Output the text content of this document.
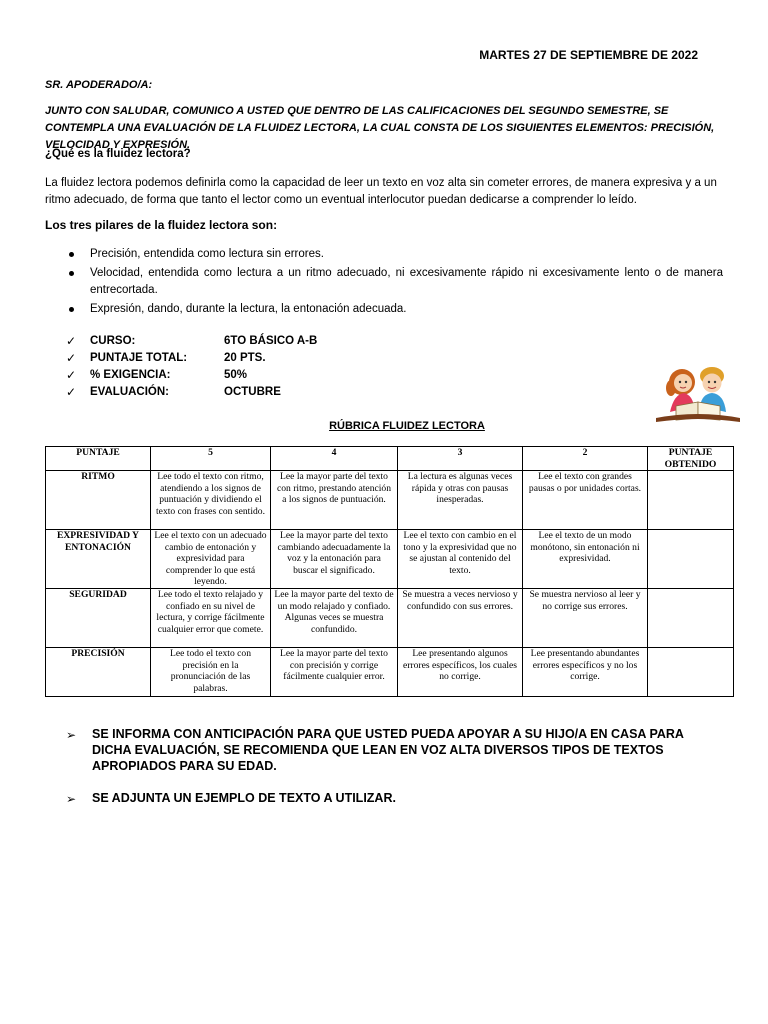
MARTES 27 DE SEPTIEMBRE DE 2022
SR. APODERADO/A:
JUNTO CON SALUDAR, COMUNICO A USTED QUE DENTRO DE LAS CALIFICACIONES DEL SEGUNDO SEMESTRE, SE CONTEMPLA UNA EVALUACIÓN DE LA FLUIDEZ LECTORA, LA CUAL CONSTA DE LOS SIGUIENTES ELEMENTOS: PRECISIÓN, VELOCIDAD Y EXPRESIÓN.
¿Qué es la fluidez lectora?
La fluidez lectora podemos definirla como la capacidad de leer un texto en voz alta sin cometer errores, de manera expresiva y a un ritmo adecuado, de forma que tanto el lector como un eventual interlocutor puedan dedicarse a comprender lo leído.
Los tres pilares de la fluidez lectora son:
Precisión, entendida como lectura sin errores.
Velocidad, entendida como lectura a un ritmo adecuado, ni excesivamente rápido ni excesivamente lento o de manera entrecortada.
Expresión, dando, durante la lectura, la entonación adecuada.
✓	CURSO:	6TO BÁSICO A-B
✓	PUNTAJE TOTAL:	20 PTS.
✓	% EXIGENCIA:	50%
✓	EVALUACIÓN:	OCTUBRE
RÚBRICA FLUIDEZ LECTORA
PUNTAJE	5	4	3	2	PUNTAJE OBTENIDO
RITMO	Lee todo el texto con ritmo, atendiendo a los signos de puntuación y dividiendo el texto con frases con sentido.	Lee la mayor parte del texto con ritmo, prestando atención a los signos de puntuación.	La lectura es algunas veces rápida y otras con pausas inesperadas.	Lee el texto con grandes pausas o por unidades cortas.	
EXPRESIVIDAD Y ENTONACIÓN	Lee el texto con un adecuado cambio de entonación y expresividad para comprender lo que está leyendo.	Lee la mayor parte del texto cambiando adecuadamente la voz y la entonación para buscar el significado.	Lee el texto con cambio en el tono y la expresividad que no se ajustan al contenido del texto.	Lee el texto de un modo monótono, sin entonación ni expresividad.	
SEGURIDAD	Lee todo el texto relajado y confiado en su nivel de lectura, y corrige fácilmente cualquier error que comete.	Lee la mayor parte del texto de un modo relajado y confiado. Algunas veces se muestra confundido.	Se muestra a veces nervioso y confundido con sus errores.	Se muestra nervioso al leer y no corrige sus errores.	
PRECISIÓN	Lee todo el texto con precisión en la pronunciación de las palabras.	Lee la mayor parte del texto con precisión y corrige fácilmente cualquier error.	Lee presentando algunos errores específicos, los cuales no corrige.	Lee presentando abundantes errores específicos y no los corrige.	
➢ SE INFORMA CON ANTICIPACIÓN PARA QUE USTED PUEDA APOYAR A SU HIJO/A EN CASA PARA DICHA EVALUACIÓN, SE RECOMIENDA QUE LEAN EN VOZ ALTA DIVERSOS TIPOS DE TEXTOS APROPIADOS PARA SU EDAD.
➢ SE ADJUNTA UN EJEMPLO DE TEXTO A UTILIZAR.
